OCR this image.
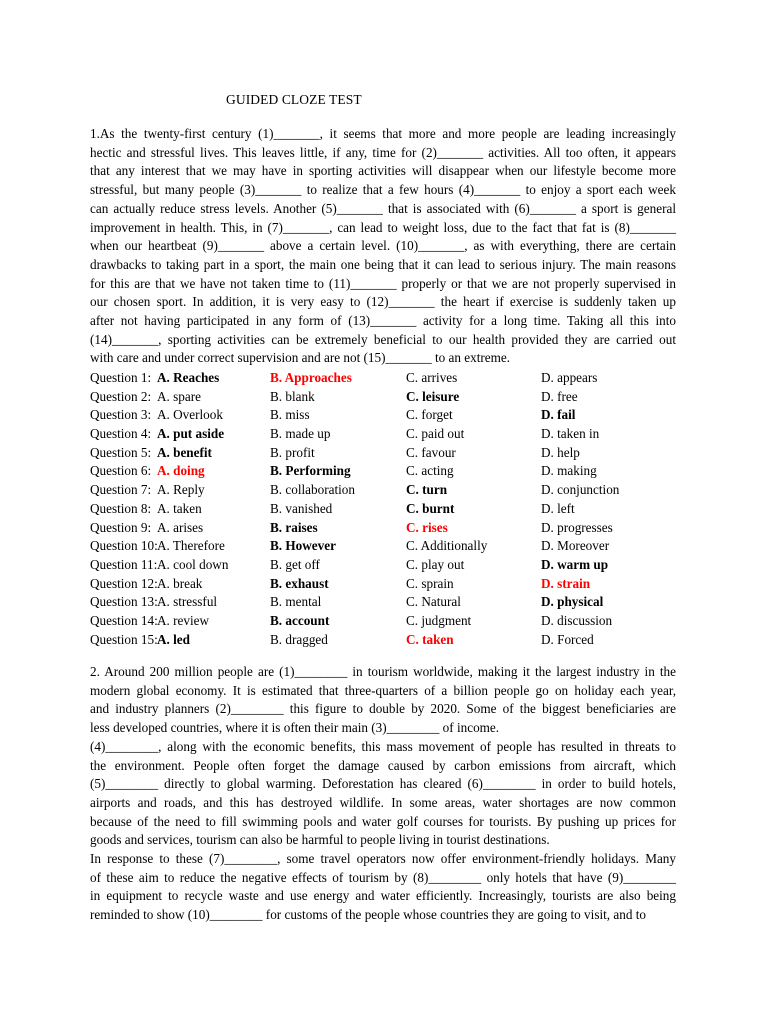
GUIDED CLOZE TEST
1.As the twenty-first century (1)_______, it seems that more and more people are leading increasingly
hectic and stressful lives. This leaves little, if any, time for (2)_______ activities. All too often, it appears
that any interest that we may have in sporting activities will disappear when our lifestyle become more
stressful, but many people (3)_______ to realize that a few hours (4)_______ to enjoy a sport each week
can actually reduce stress levels. Another (5)_______ that is associated with (6)_______ a sport is general
improvement in health. This, in (7)_______, can lead to weight loss, due to the fact that fat is (8)_______
when our heartbeat (9)_______ above a certain level. (10)_______, as with everything, there are certain
drawbacks to taking part in a sport, the main one being that it can lead to serious injury. The main reasons
for this are that we have not taken time to (11)_______ properly or that we are not properly supervised in
our chosen sport. In addition, it is very easy to (12)_______ the heart if exercise is suddenly taken up
after not having participated in any form of (13)_______ activity for a long time. Taking all this into
(14)_______, sporting activities can be extremely beneficial to our health provided they are carried out
with care and under correct supervision and are not (15)_______ to an extreme.
Question 1: A. Reaches	B. Approaches	C. arrives	D. appears
Question 2: A. spare	B. blank	C. leisure	D. free
Question 3: A. Overlook	B. miss	C. forget	D. fail
Question 4: A. put aside	B. made up	C. paid out	D. taken in
Question 5: A. benefit	B. profit	C. favour	D. help
Question 6: A. doing	B. Performing	C. acting	D. making
Question 7: A. Reply	B. collaboration	C. turn	D. conjunction
Question 8: A. taken	B. vanished	C. burnt	D. left
Question 9: A. arises	B. raises	C. rises	D. progresses
Question 10: A. Therefore	B. However	C. Additionally	D. Moreover
Question 11: A. cool down	B. get off	C. play out	D. warm up
Question 12: A. break	B. exhaust	C. sprain	D. strain
Question 13: A. stressful	B. mental	C. Natural	D. physical
Question 14: A. review	B. account	C. judgment	D. discussion
Question 15: A. led	B. dragged	C. taken	D. Forced
2. Around 200 million people are (1)________ in tourism worldwide, making it the largest industry in the
modern global economy. It is estimated that three-quarters of a billion people go on holiday each year,
and industry planners (2)________ this figure to double by 2020. Some of the biggest beneficiaries are
less developed countries, where it is often their main (3)________ of income.
(4)________, along with the economic benefits, this mass movement of people has resulted in threats to
the environment. People often forget the damage caused by carbon emissions from aircraft, which
(5)________ directly to global warming. Deforestation has cleared (6)________ in order to build hotels,
airports and roads, and this has destroyed wildlife. In some areas, water shortages are now common
because of the need to fill swimming pools and water golf courses for tourists. By pushing up prices for
goods and services, tourism can also be harmful to people living in tourist destinations.
In response to these (7)________, some travel operators now offer environment-friendly holidays. Many
of these aim to reduce the negative effects of tourism by (8)________ only hotels that have (9)________
in equipment to recycle waste and use energy and water efficiently. Increasingly, tourists are also being
reminded to show (10)________ for customs of the people whose countries they are going to visit, and to
